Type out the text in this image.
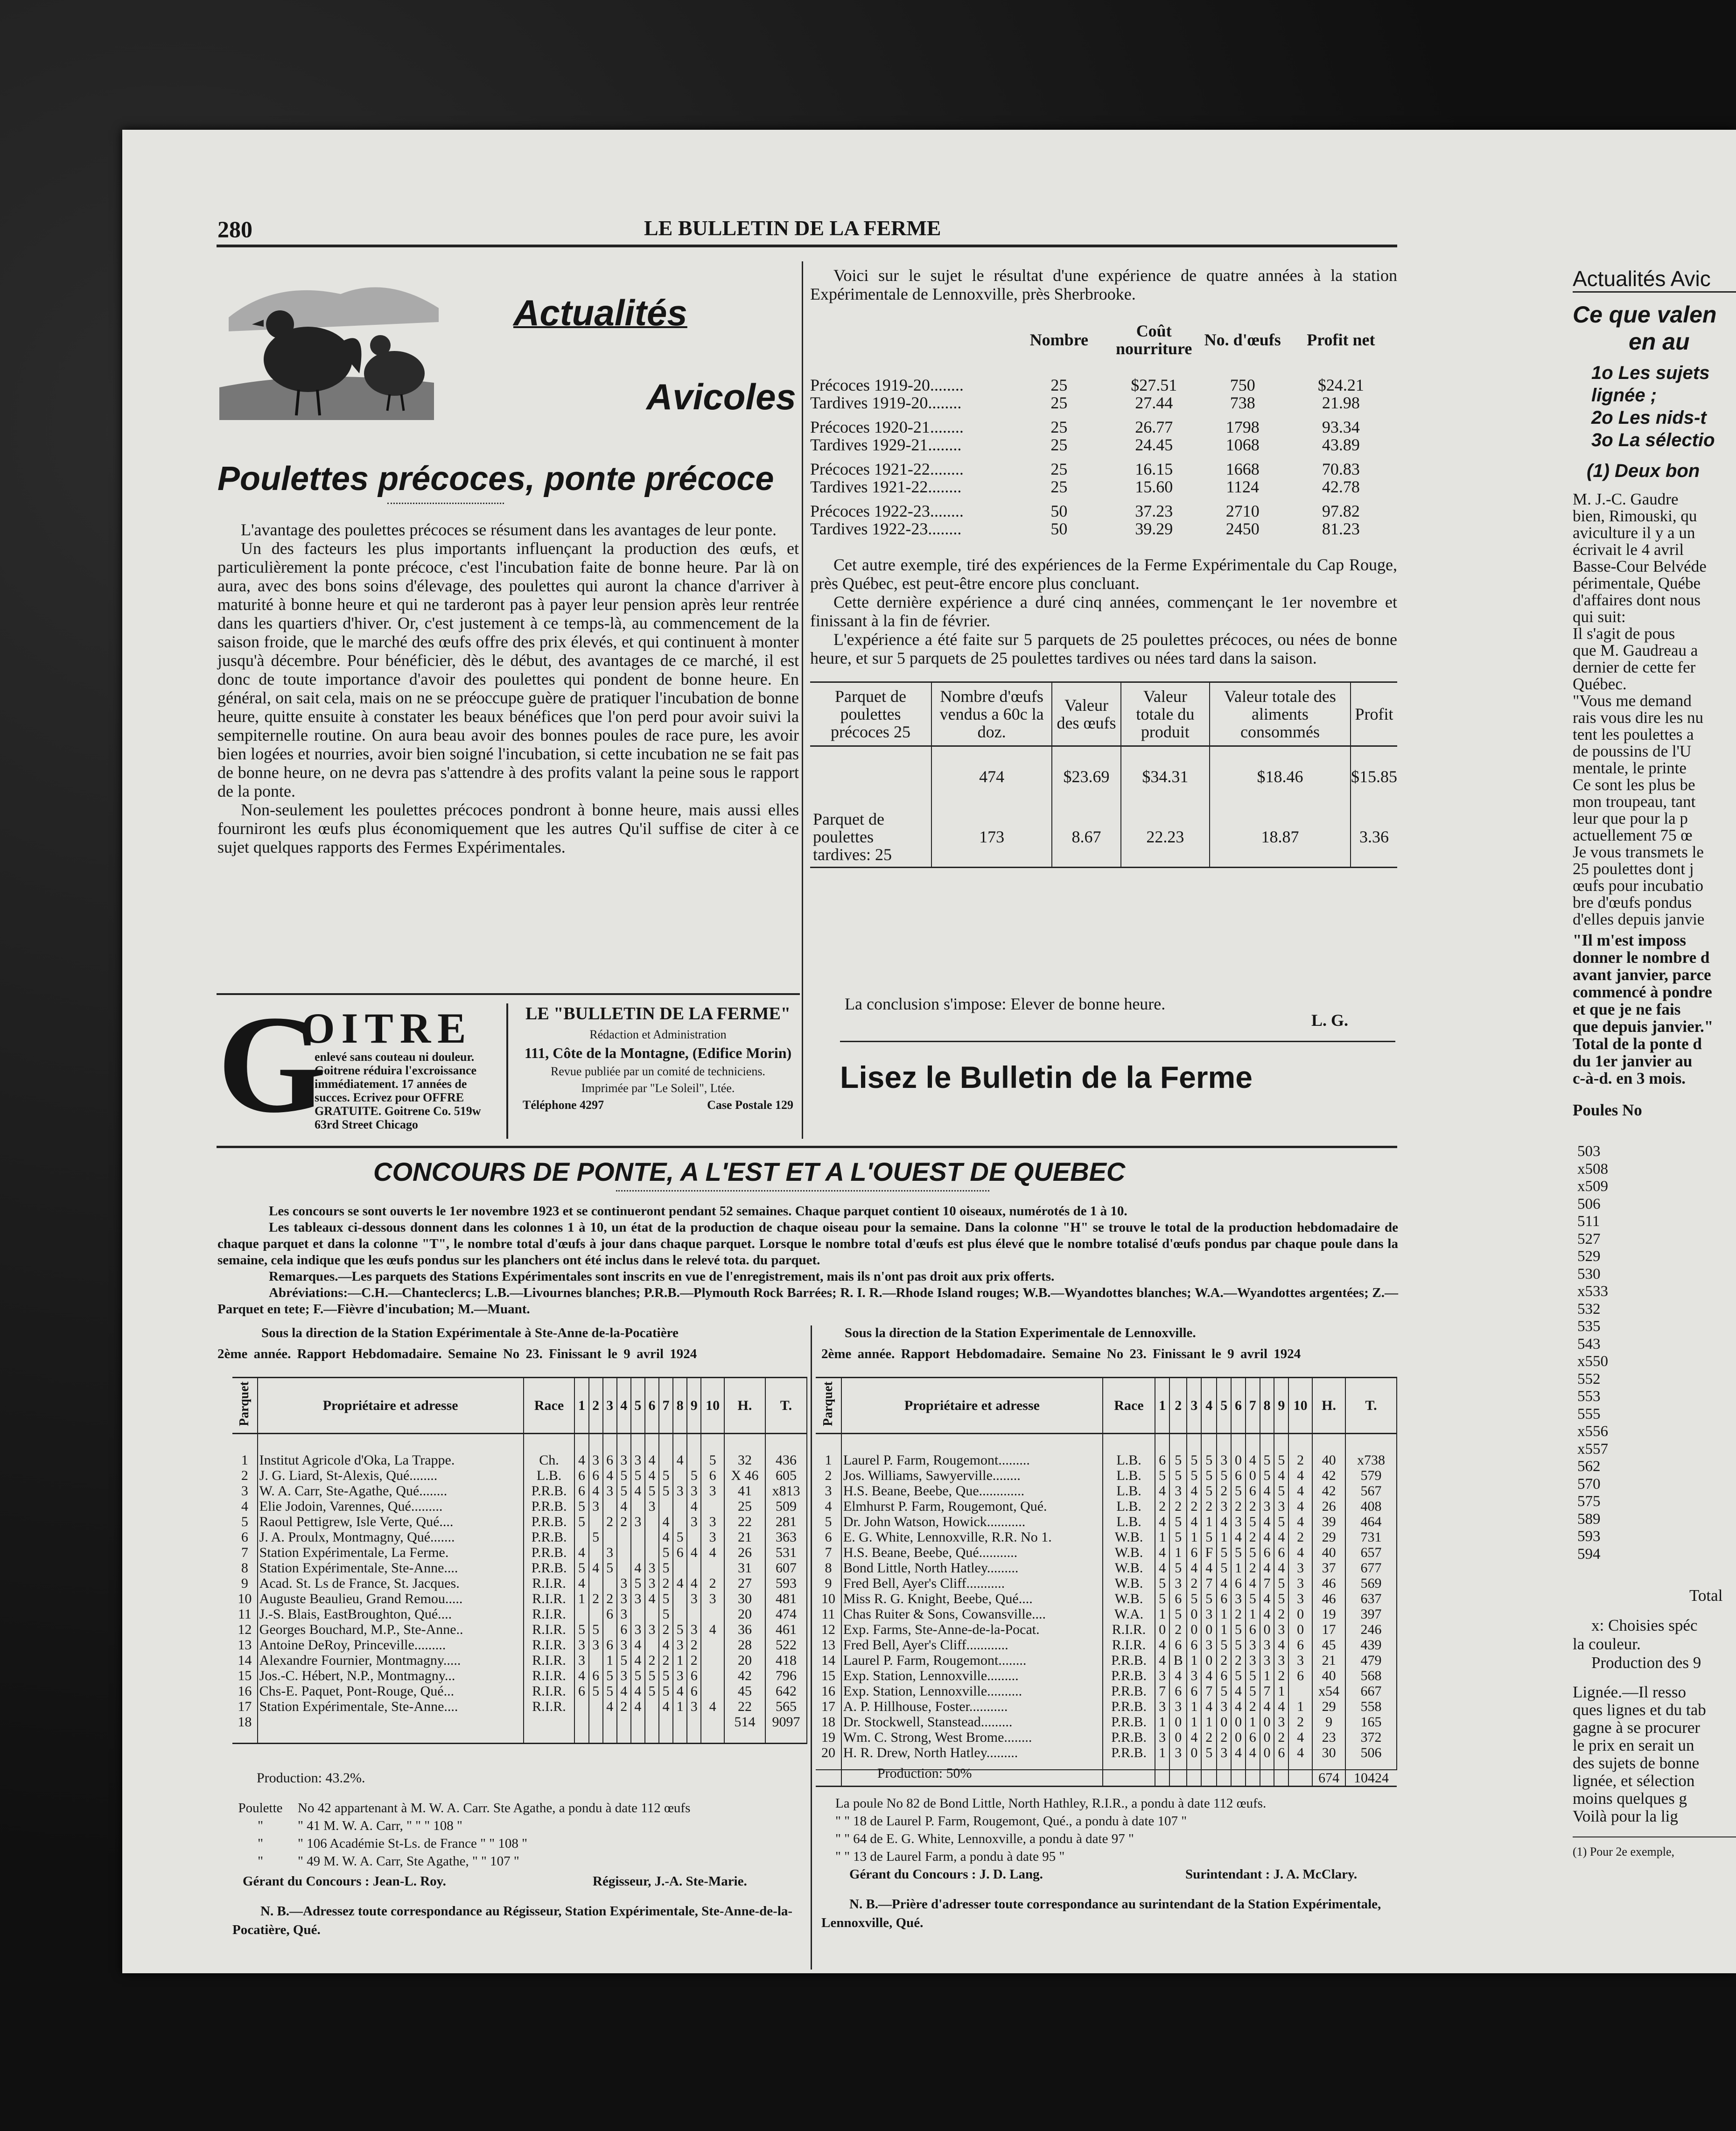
280	LE BULLETIN DE LA FERME
Actualités
Avicoles
Poulettes précoces, ponte précoce

L'avantage des poulettes précoces se résument dans les avantages de leur ponte.

Un des facteurs les plus importants influençant la production des œufs, et particulièrement la ponte précoce, c'est l'incubation faite de bonne heure. Par là on aura, avec des bons soins d'élevage, des poulettes qui auront la chance d'arriver à maturité à bonne heure et qui ne tarderont pas à payer leur pension après leur rentrée dans les quartiers d'hiver. Or, c'est justement à ce temps-là, au commencement de la saison froide, que le marché des œufs offre des prix élevés, et qui continuent à monter jusqu'à décembre. Pour bénéficier, dès le début, des avantages de ce marché, il est donc de toute importance d'avoir des poulettes qui pondent de bonne heure. En général, on sait cela, mais on ne se préoccupe guère de pratiquer l'incubation de bonne heure, quitte ensuite à constater les beaux bénéfices que l'on perd pour avoir suivi la sempiternelle routine. On aura beau avoir des bonnes poules de race pure, les avoir bien logées et nourries, avoir bien soigné l'incubation, si cette incubation ne se fait pas de bonne heure, on ne devra pas s'attendre à des profits valant la peine sous le rapport de la ponte.

Non-seulement les poulettes précoces pondront à bonne heure, mais aussi elles fourniront les œufs plus économiquement que les autres Qu'il suffise de citer à ce sujet quelques rapports des Fermes Expérimentales.

G
OITRE
enlevé sans couteau ni douleur. Goitrene réduira l'excroissance immédiatement. 17 années de succes. Ecrivez pour OFFRE GRATUITE. Goitrene Co. 519w 63rd Street Chicago
LE "BULLETIN DE LA FERME"
Rédaction et Administration
111, Côte de la Montagne, (Edifice Morin)
Revue publiée par un comité de techniciens.
Imprimée par "Le Soleil", Ltée.
Téléphone 4297	Case Postale 129
Voici sur le sujet le résultat d'une expérience de quatre années à la station Expérimentale de Lennoxville, près Sherbrooke.
	Nombre	Coût nourriture	No. d'œufs	Profit net

Précoces 1919-20........	25	$27.51	750	$24.21
Tardives 1919-20........	25	27.44	738	21.98

Précoces 1920-21........	25	26.77	1798	93.34
Tardives 1929-21........	25	24.45	1068	43.89

Précoces 1921-22........	25	16.15	1668	70.83
Tardives 1921-22........	25	15.60	1124	42.78

Précoces 1922-23........	50	37.23	2710	97.82
Tardives 1922-23........	50	39.29	2450	81.23

Cet autre exemple, tiré des expériences de la Ferme Expérimentale du Cap Rouge, près Québec, est peut-être encore plus concluant.

Cette dernière expérience a duré cinq années, commençant le 1er novembre et finissant à la fin de février.

L'expérience a été faite sur 5 parquets de 25 poulettes précoces, ou nées de bonne heure, et sur 5 parquets de 25 poulettes tardives ou nées tard dans la saison.

Parquet de poulettes précoces 25	Nombre d'œufs vendus a 60c la doz.	Valeur des œufs	Valeur totale du produit	Valeur totale des aliments consommés	Profit
	474	$23.69	$34.31	$18.46	$15.85
Parquet de poulettes tardives: 25	173	8.67	22.23	18.87	3.36
La conclusion s'impose: Elever de bonne heure.
L. G.
Lisez le Bulletin de la Ferme
CONCOURS DE PONTE, A L'EST ET A L'OUEST DE QUEBEC
Les concours se sont ouverts le 1er novembre 1923 et se continueront pendant 52 semaines. Chaque parquet contient 10 oiseaux, numérotés de 1 à 10.
Les tableaux ci-dessous donnent dans les colonnes 1 à 10, un état de la production de chaque oiseau pour la semaine. Dans la colonne "H" se trouve le total de la production hebdomadaire de chaque parquet et dans la colonne "T", le nombre total d'œufs à jour dans chaque parquet. Lorsque le nombre total d'œufs est plus élevé que le nombre totalisé d'œufs pondus par chaque poule dans la semaine, cela indique que les œufs pondus sur les planchers ont été inclus dans le relevé tota. du parquet.
Remarques.—Les parquets des Stations Expérimentales sont inscrits en vue de l'enregistrement, mais ils n'ont pas droit aux prix offerts.
Abréviations:—C.H.—Chanteclercs; L.B.—Livournes blanches; P.R.B.—Plymouth Rock Barrées; R. I. R.—Rhode Island rouges; W.B.—Wyandottes blanches; W.A.—Wyandottes argentées; Z.—Parquet en tete; F.—Fièvre d'incubation; M.—Muant.
Sous la direction de la Station Expérimentale à Ste-Anne de-la-Pocatière
2ème année. Rapport Hebdomadaire. Semaine No 23. Finissant le 9 avril 1924
Sous la direction de la Station Experimentale de Lennoxville.
2ème année. Rapport Hebdomadaire. Semaine No 23. Finissant le 9 avril 1924
Parquet	Propriétaire et adresse	Race	1	2	3	4	5	6	7	8	9	10	H.	T.

1	Institut Agricole d'Oka, La Trappe.	Ch.	4	3	6	3	3	4		4		5	32	436
2	J. G. Liard, St-Alexis, Qué........	L.B.	6	6	4	5	5	4	5		5	6	X 46	605
3	W. A. Carr, Ste-Agathe, Qué........	P.R.B.	6	4	3	5	4	5	5	3	3	3	41	x813
4	Elie Jodoin, Varennes, Qué.........	P.R.B.	5	3		4		3			4		25	509
5	Raoul Pettigrew, Isle Verte, Qué....	P.R.B.	5		2	2	3		4		3	3	22	281
6	J. A. Proulx, Montmagny, Qué.......	P.R.B.		5					4	5		3	21	363
7	Station Expérimentale, La Ferme.	P.R.B.	4		3				5	6	4	4	26	531
8	Station Expérimentale, Ste-Anne....	P.R.B.	5	4	5		4	3	5				31	607
9	Acad. St. Ls de France, St. Jacques.	R.I.R.	4			3	5	3	2	4	4	2	27	593
10	Auguste Beaulieu, Grand Remou.....	R.I.R.	1	2	2	3	3	4	5		3	3	30	481
11	J.-S. Blais, EastBroughton, Qué....	R.I.R.			6	3			5				20	474
12	Georges Bouchard, M.P., Ste-Anne..	R.I.R.	5	5		6	3	3	2	5	3	4	36	461
13	Antoine DeRoy, Princeville.........	R.I.R.	3	3	6	3	4		4	3	2		28	522
14	Alexandre Fournier, Montmagny.....	R.I.R.	3		1	5	4	2	2	1	2		20	418
15	Jos.-C. Hébert, N.P., Montmagny...	R.I.R.	4	6	5	3	5	5	5	3	6		42	796
16	Chs-E. Paquet, Pont-Rouge, Qué...	R.I.R.	6	5	5	4	4	5	5	4	6		45	642
17	Station Expérimentale, Ste-Anne....	R.I.R.			4	2	4		4	1	3	4	22	565
18													514	9097

Parquet	Propriétaire et adresse	Race	1	2	3	4	5	6	7	8	9	10	H.	T.

1	Laurel P. Farm, Rougemont.........	L.B.	6	5	5	5	3	0	4	5	5	2	40	x738
2	Jos. Williams, Sawyerville........	L.B.	5	5	5	5	5	6	0	5	4	4	42	579
3	H.S. Beane, Beebe, Que.............	L.B.	4	3	4	5	2	5	6	4	5	4	42	567
4	Elmhurst P. Farm, Rougemont, Qué.	L.B.	2	2	2	2	3	2	2	3	3	4	26	408
5	Dr. John Watson, Howick...........	L.B.	4	5	4	1	4	3	5	4	5	4	39	464
6	E. G. White, Lennoxville, R.R. No 1.	W.B.	1	5	1	5	1	4	2	4	4	2	29	731
7	H.S. Beane, Beebe, Qué...........	W.B.	4	1	6	F	5	5	5	6	6	4	40	657
8	Bond Little, North Hatley.........	W.B.	4	5	4	4	5	1	2	4	4	3	37	677
9	Fred Bell, Ayer's Cliff...........	W.B.	5	3	2	7	4	6	4	7	5	3	46	569
10	Miss R. G. Knight, Beebe, Qué....	W.B.	5	6	5	5	6	3	5	4	5	3	46	637
11	Chas Ruiter & Sons, Cowansville....	W.A.	1	5	0	3	1	2	1	4	2	0	19	397
12	Exp. Farms, Ste-Anne-de-la-Pocat.	R.I.R.	0	2	0	0	1	5	6	0	3	0	17	246
13	Fred Bell, Ayer's Cliff............	R.I.R.	4	6	6	3	5	5	3	3	4	6	45	439
14	Laurel P. Farm, Rougemont........	P.R.B.	4	B	1	0	2	2	3	3	3	3	21	479
15	Exp. Station, Lennoxville.........	P.R.B.	3	4	3	4	6	5	5	1	2	6	40	568
16	Exp. Station, Lennoxville..........	P.R.B.	7	6	6	7	5	4	5	7	1		x54	667
17	A. P. Hillhouse, Foster...........	P.R.B.	3	3	1	4	3	4	2	4	4	1	29	558
18	Dr. Stockwell, Stanstead.........	P.R.B.	1	0	1	1	0	0	1	0	3	2	9	165
19	Wm. C. Strong, West Brome........	P.R.B.	3	0	4	2	2	0	6	0	2	4	23	372
20	H. R. Drew, North Hatley.........	P.R.B.	1	3	0	5	3	4	4	0	6	4	30	506

													674	10424
Production: 43.2%.	Production: 50%
Poulette	No 42 appartenant à M. W. A. Carr. Ste Agathe, a pondu à date 112 œufs
"	" 41 M. W. A. Carr, " " " 108 "
"	" 106 Académie St-Ls. de France " " 108 "
"	" 49 M. W. A. Carr, Ste Agathe, " " 107 "
Gérant du Concours : Jean-L. Roy.	Régisseur, J.-A. Ste-Marie.
N. B.—Adressez toute correspondance au Régisseur, Station Expérimentale, Ste-Anne-de-la-Pocatière, Qué.
La poule No 82 de Bond Little, North Hathley, R.I.R., a pondu à date 112 œufs.
" " 18 de Laurel P. Farm, Rougemont, Qué., a pondu à date 107 "
" " 64 de E. G. White, Lennoxville, a pondu à date 97 "
" " 13 de Laurel Farm, a pondu à date 95 "
Gérant du Concours : J. D. Lang.	Surintendant : J. A. McClary.
N. B.—Prière d'adresser toute correspondance au surintendant de la Station Expérimentale, Lennoxville, Qué.
Actualités Avic
Ce que valen
en au
1o Les sujets
lignée ;
2o Les nids-t
3o La sélectio
(1) Deux bon
M. J.-C. Gaudre
bien, Rimouski, qu
aviculture il y a un
écrivait le 4 avril
Basse-Cour Belvéde
périmentale, Québe
d'affaires dont nous
qui suit:
Il s'agit de pous
que M. Gaudreau a
dernier de cette fer
Québec.
"Vous me demand
rais vous dire les nu
tent les poulettes a
de poussins de l'U
mentale, le printe
Ce sont les plus be
mon troupeau, tant
leur que pour la p
actuellement 75 œ
Je vous transmets le
25 poulettes dont j
œufs pour incubatio
bre d'œufs pondus
d'elles depuis janvie
"Il m'est imposs
donner le nombre d
avant janvier, parce
commencé à pondre
et que je ne fais
que depuis janvier."
Total de la ponte d
du 1er janvier au
c-à-d. en 3 mois.
Poules No
503
x508
x509
506
511
527
529
530
x533
532
535
543
x550
552
553
555
x556
x557
562
570
575
589
593
594
Total
x: Choisies spéc
la couleur.
Production des 9
Lignée.—Il resso
ques lignes et du tab
gagne à se procurer
le prix en serait un
des sujets de bonne
lignée, et sélection
moins quelques g
Voilà pour la lig
(1) Pour 2e exemple,
